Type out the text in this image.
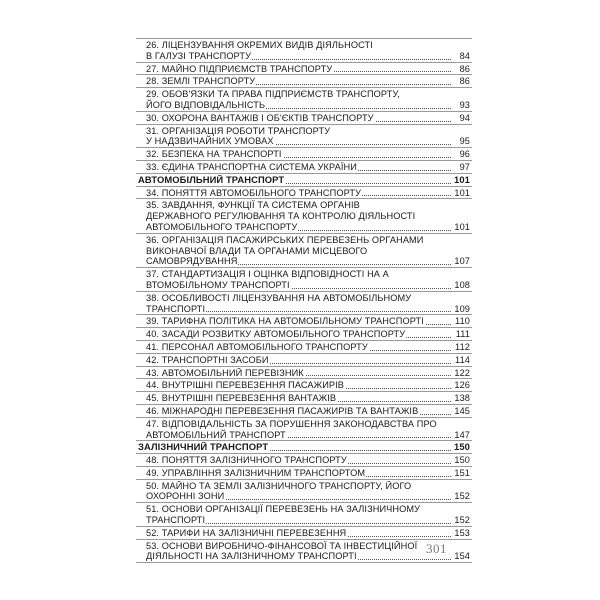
26. ЛІЦЕНЗУВАННЯ ОКРЕМИХ ВИДІВ ДІЯЛЬНОСТІ
В ГАЛУЗІ ТРАНСПОРТУ	84
27. МАЙНО ПІДПРИЄМСТВ ТРАНСПОРТУ	86
28. ЗЕМЛІ ТРАНСПОРТУ	86
29. ОБОВ'ЯЗКИ ТА ПРАВА ПІДПРИЄМСТВ ТРАНСПОРТУ,
ЙОГО ВІДПОВІДАЛЬНІСТЬ	93
30. ОХОРОНА ВАНТАЖІВ І ОБ'ЄКТІВ ТРАНСПОРТУ	94
31. ОРГАНІЗАЦІЯ РОБОТИ ТРАНСПОРТУ
У НАДЗВИЧАЙНИХ УМОВАХ	95
32. БЕЗПЕКА НА ТРАНСПОРТІ	96
33. ЄДИНА ТРАНСПОРТНА СИСТЕМА УКРАЇНИ	97
АВТОМОБІЛЬНИЙ ТРАНСПОРТ	101
34. ПОНЯТТЯ АВТОМОБІЛЬНОГО ТРАНСПОРТУ	101
35. ЗАВДАННЯ, ФУНКЦІЇ ТА СИСТЕМА ОРГАНІВ
ДЕРЖАВНОГО РЕГУЛЮВАННЯ ТА КОНТРОЛЮ ДІЯЛЬНОСТІ
АВТОМОБІЛЬНОГО ТРАНСПОРТУ	101
36. ОРГАНІЗАЦІЯ ПАСАЖИРСЬКИХ ПЕРЕВЕЗЕНЬ ОРГАНАМИ
ВИКОНАВЧОЇ ВЛАДИ ТА ОРГАНАМИ МІСЦЕВОГО САМОВРЯДУВАННЯ	107
37. СТАНДАРТИЗАЦІЯ І ОЦІНКА ВІДПОВІДНОСТІ НА А
ВТОМОБІЛЬНОМУ ТРАНСПОРТІ	108
38. ОСОБЛИВОСТІ ЛІЦЕНЗУВАННЯ НА АВТОМОБІЛЬНОМУ
ТРАНСПОРТІ	109
39. ТАРИФНА ПОЛІТИКА НА АВТОМОБІЛЬНОМУ ТРАНСПОРТІ	110
40. ЗАСАДИ РОЗВИТКУ АВТОМОБІЛЬНОГО ТРАНСПОРТУ	111
41. ПЕРСОНАЛ АВТОМОБІЛЬНОГО ТРАНСПОРТУ	112
42. ТРАНСПОРТНІ ЗАСОБИ	114
43. АВТОМОБІЛЬНИЙ ПЕРЕВІЗНИК	122
44. ВНУТРІШНІ ПЕРЕВЕЗЕННЯ ПАСАЖИРІВ	126
45. ВНУТРІШНІ ПЕРЕВЕЗЕННЯ ВАНТАЖІВ	138
46. МІЖНАРОДНІ ПЕРЕВЕЗЕННЯ ПАСАЖИРІВ ТА ВАНТАЖІВ	145
47. ВІДПОВІДАЛЬНІСТЬ ЗА ПОРУШЕННЯ ЗАКОНОДАВСТВА ПРО
АВТОМОБІЛЬНИЙ ТРАНСПОРТ	147
ЗАЛІЗНИЧНИЙ ТРАНСПОРТ	150
48. ПОНЯТТЯ ЗАЛІЗНИЧНОГО ТРАНСПОРТУ	150
49. УПРАВЛІННЯ ЗАЛІЗНИЧНИМ ТРАНСПОРТОМ	151
50. МАЙНО ТА ЗЕМЛІ ЗАЛІЗНИЧНОГО ТРАНСПОРТУ, ЙОГО
ОХОРОННІ ЗОНИ	152
51. ОСНОВИ ОРГАНІЗАЦІЇ ПЕРЕВЕЗЕНЬ НА ЗАЛІЗНИЧНОМУ
ТРАНСПОРТІ	152
52. ТАРИФИ НА ЗАЛІЗНИЧНІ ПЕРЕВЕЗЕННЯ	153
53. ОСНОВИ ВИРОБНИЧО-ФІНАНСОВОЇ ТА ІНВЕСТИЦІЙНОЇ
ДІЯЛЬНОСТІ НА ЗАЛІЗНИЧНОМУ ТРАНСПОРТІ	154
301
